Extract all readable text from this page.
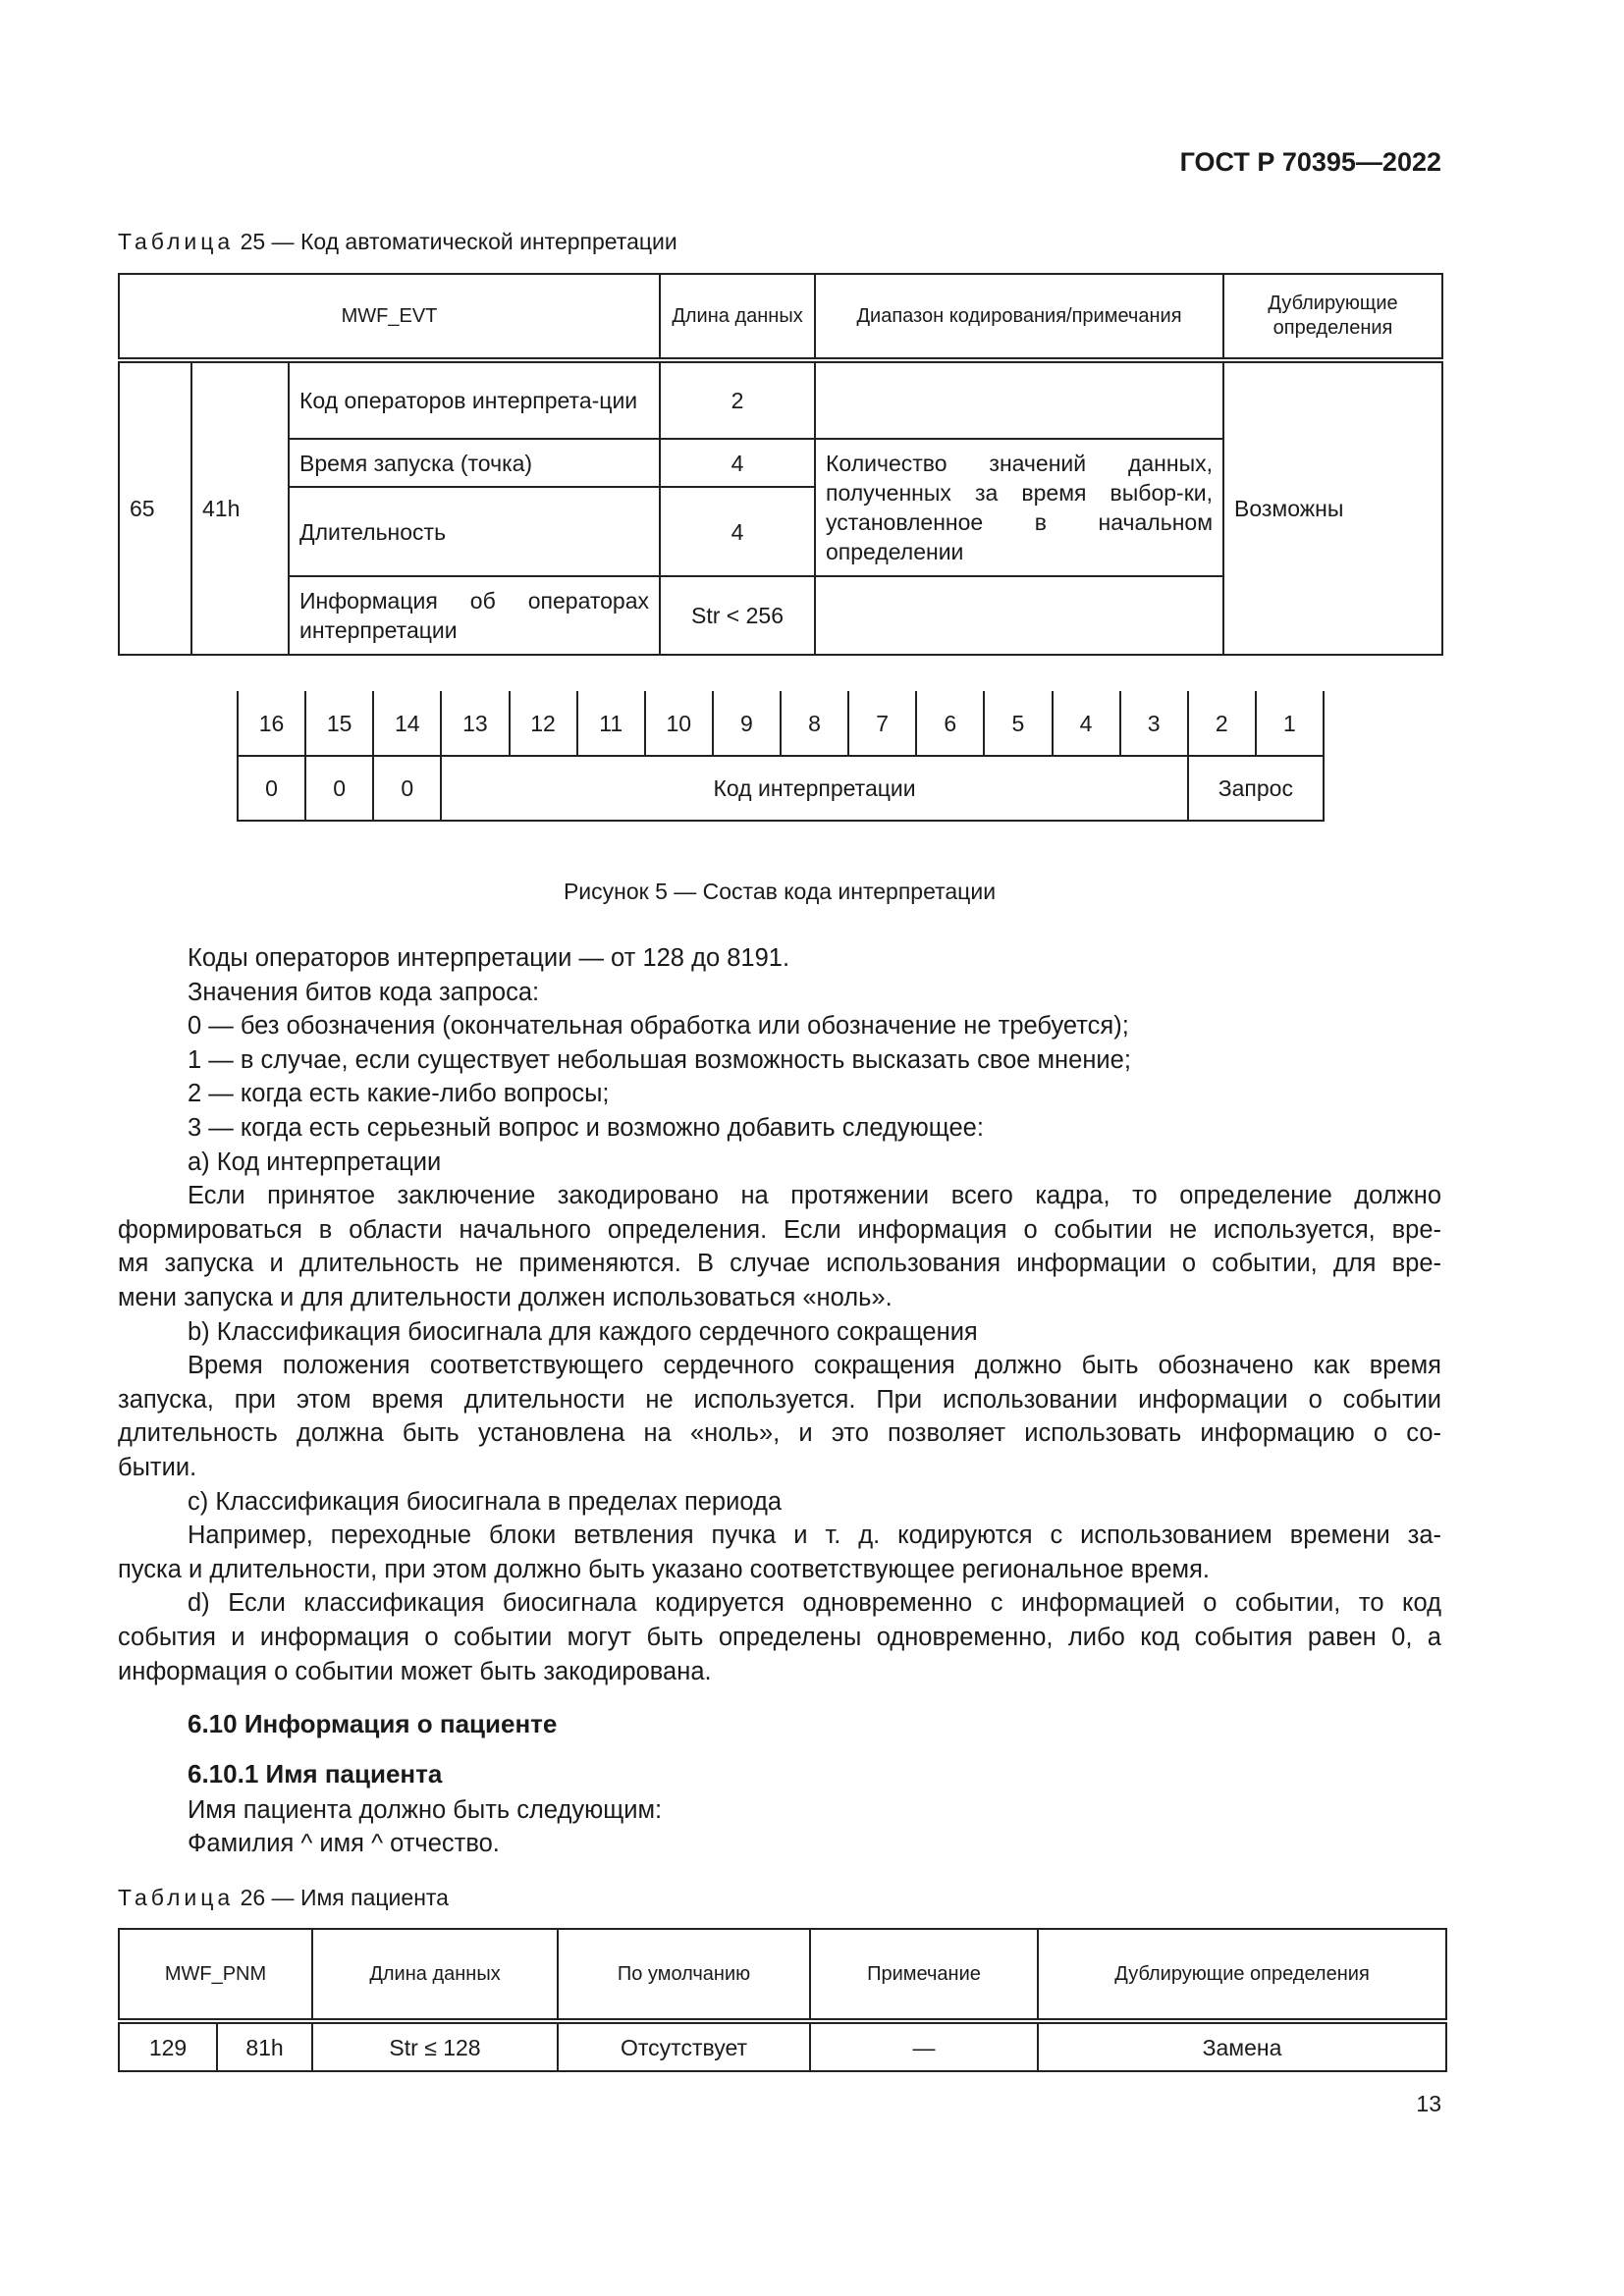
ГОСТ Р 70395—2022
Таблица 25 — Код автоматической интерпретации
MWF_EVT			Длина данных	Диапазон кодирования/примечания	Дублирующие определения
65	41h	Код операторов интерпрета-ции	2		Возможны
		Время запуска (точка)	4	Количество значений данных, полученных за время выбор-ки, установленное в начальном определении	
		Длительность	4		
		Информация об операторах интерпретации	Str < 256		
16	15	14	13	12	11	10	9	8	7	6	5	4	3	2	1
0	0	0	Код интерпретации											Запрос	
Рисунок 5 — Состав кода интерпретации
Коды операторов интерпретации — от 128 до 8191.
Значения битов кода запроса:
0 — без обозначения (окончательная обработка или обозначение не требуется);
1 — в случае, если существует небольшая возможность высказать свое мнение;
2 — когда есть какие-либо вопросы;
3 — когда есть серьезный вопрос и возможно добавить следующее:
a) Код интерпретации
Если принятое заключение закодировано на протяжении всего кадра, то определение должно
формироваться в области начального определения. Если информация о событии не используется, вре-
мя запуска и длительность не применяются. В случае использования информации о событии, для вре-
мени запуска и для длительности должен использоваться «ноль».
b) Классификация биосигнала для каждого сердечного сокращения
Время положения соответствующего сердечного сокращения должно быть обозначено как время
запуска, при этом время длительности не используется. При использовании информации о событии
длительность должна быть установлена на «ноль», и это позволяет использовать информацию о со-
бытии.
c) Классификация биосигнала в пределах периода
Например, переходные блоки ветвления пучка и т. д. кодируются с использованием времени за-
пуска и длительности, при этом должно быть указано соответствующее региональное время.
d) Если классификация биосигнала кодируется одновременно с информацией о событии, то код
события и информация о событии могут быть определены одновременно, либо код события равен 0, а
информация о событии может быть закодирована.
6.10 Информация о пациенте
6.10.1 Имя пациента
Имя пациента должно быть следующим:
Фамилия ^ имя ^ отчество.
Таблица 26 — Имя пациента
MWF_PNM		Длина данных	По умолчанию	Примечание	Дублирующие определения
129	81h	Str ≤ 128	Отсутствует	—	Замена
13
